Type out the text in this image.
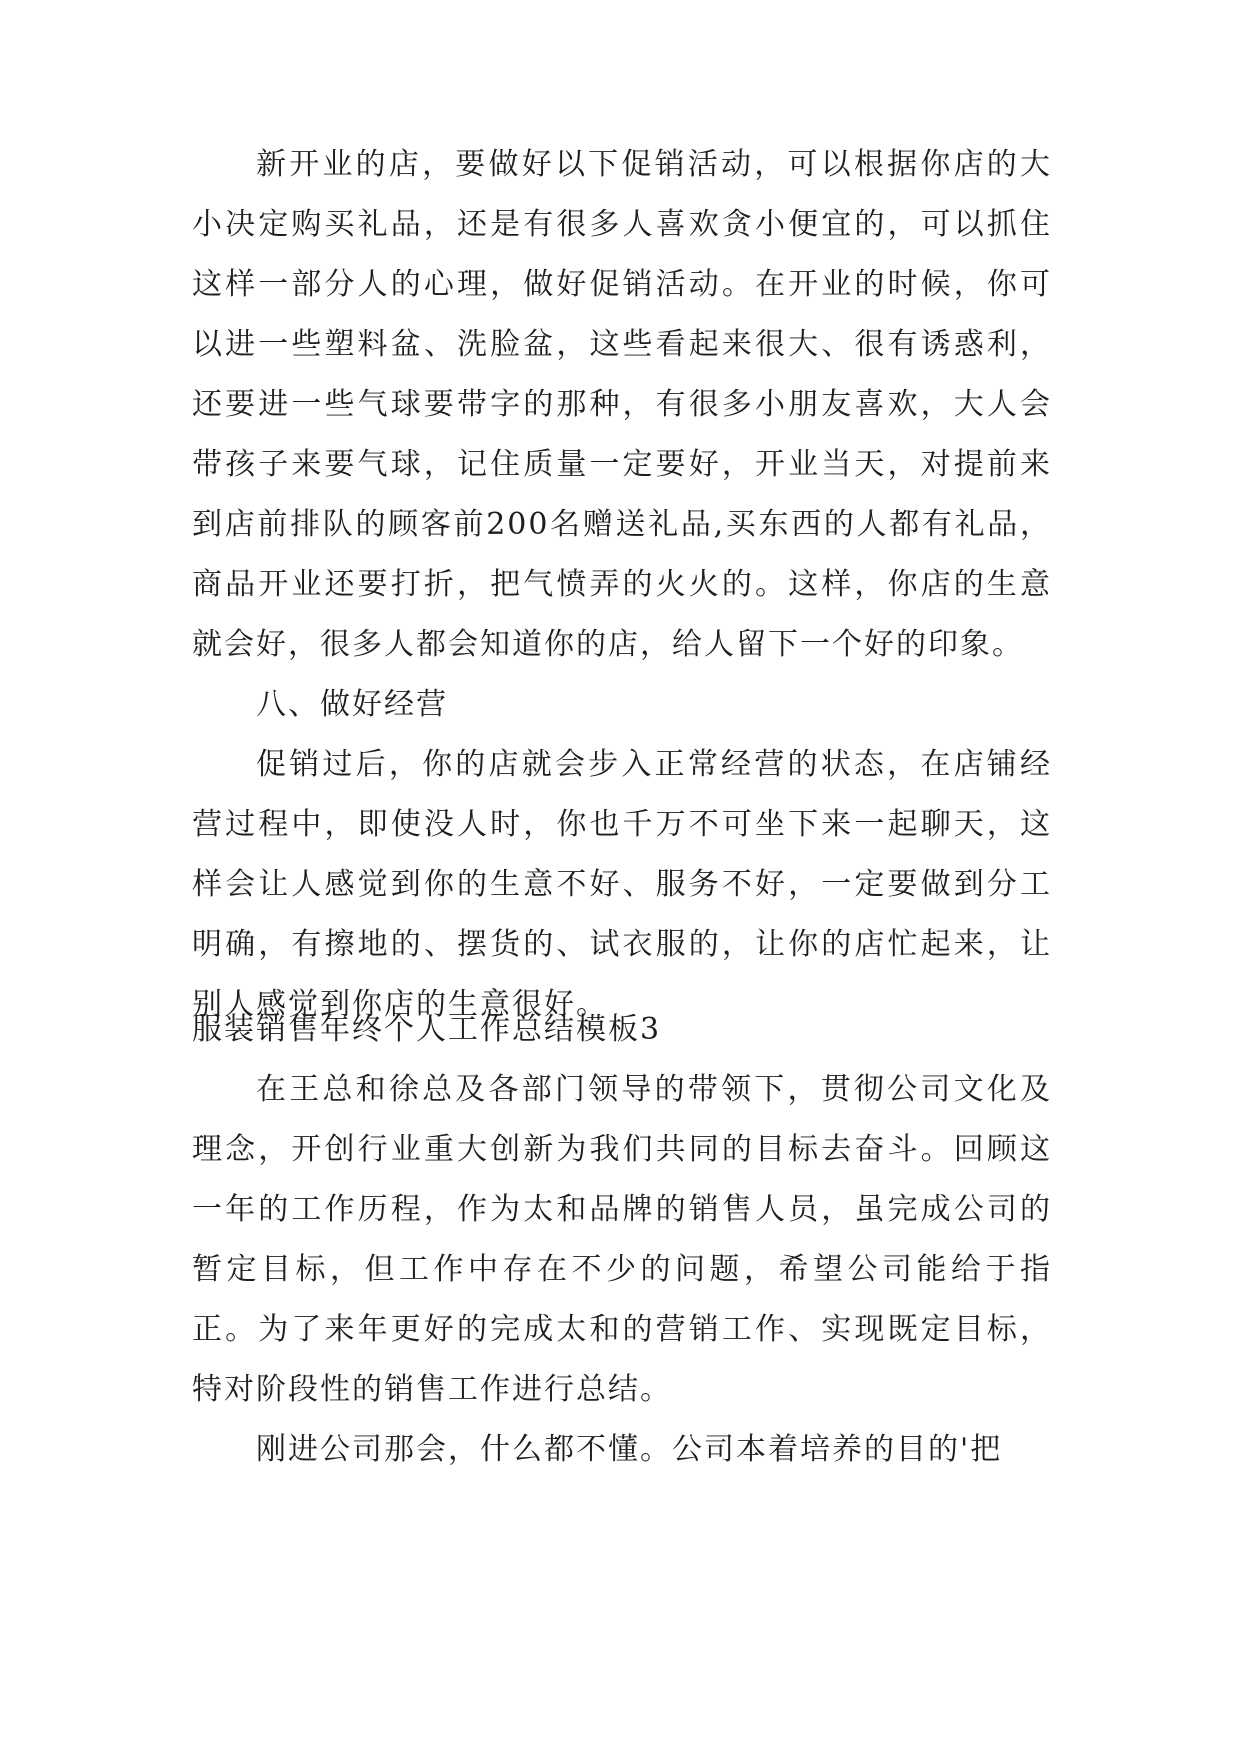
新开业的店，要做好以下促销活动，可以根据你店的大小决定购买礼品，还是有很多人喜欢贪小便宜的，可以抓住这样一部分人的心理，做好促销活动。在开业的时候，你可以进一些塑料盆、洗脸盆，这些看起来很大、很有诱惑利，还要进一些气球要带字的那种，有很多小朋友喜欢，大人会带孩子来要气球，记住质量一定要好，开业当天，对提前来到店前排队的顾客前200名赠送礼品,买东西的人都有礼品，商品开业还要打折，把气愤弄的火火的。这样，你店的生意就会好，很多人都会知道你的店，给人留下一个好的印象。

八、做好经营

促销过后，你的店就会步入正常经营的状态，在店铺经营过程中，即使没人时，你也千万不可坐下来一起聊天，这样会让人感觉到你的生意不好、服务不好，一定要做到分工明确，有擦地的、摆货的、试衣服的，让你的店忙起来，让别人感觉到你店的生意很好。

服装销售年终个人工作总结模板3

在王总和徐总及各部门领导的带领下，贯彻公司文化及理念，开创行业重大创新为我们共同的目标去奋斗。回顾这一年的工作历程，作为太和品牌的销售人员，虽完成公司的暂定目标，但工作中存在不少的问题，希望公司能给于指正。为了来年更好的完成太和的营销工作、实现既定目标，特对阶段性的销售工作进行总结。

刚进公司那会，什么都不懂。公司本着培养的目的'把
